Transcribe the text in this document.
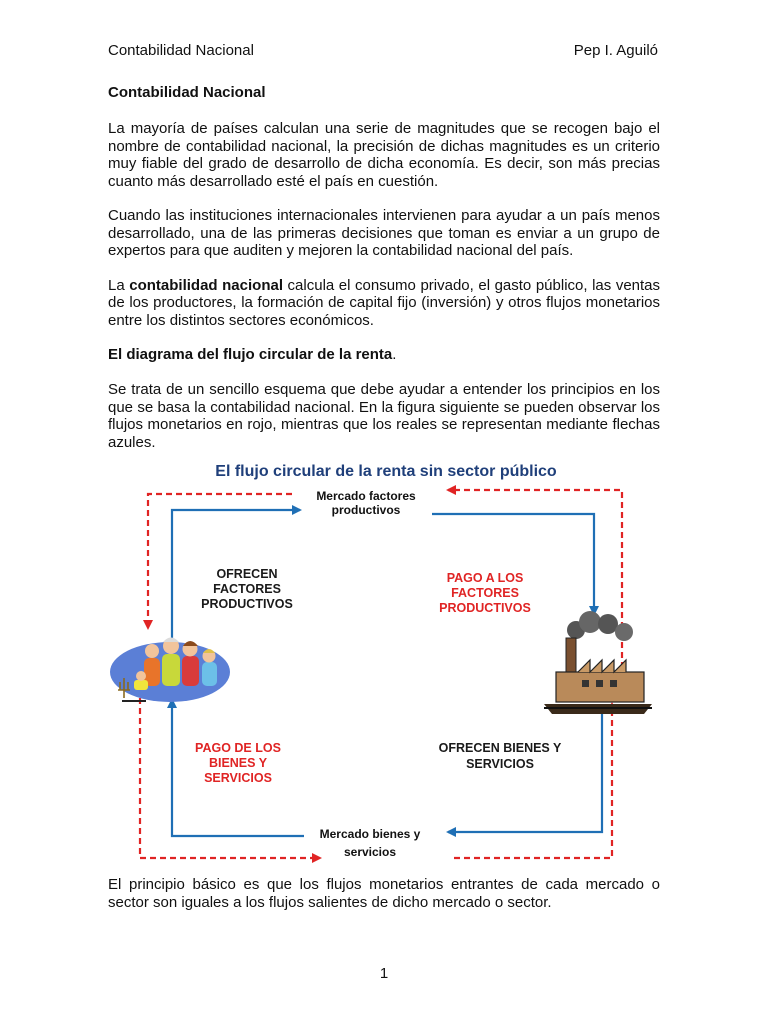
Contabilidad Nacional	Pep I. Aguiló
Contabilidad Nacional

La mayoría de países calculan una serie de magnitudes que se recogen bajo el nombre de contabilidad nacional, la precisión de dichas magnitudes es un criterio muy fiable del grado de desarrollo de dicha economía. Es decir, son más precias cuanto más desarrollado esté el país en cuestión.

Cuando las instituciones internacionales intervienen para ayudar a un país menos desarrollado, una de las primeras decisiones que toman es enviar a un grupo de expertos para que auditen y mejoren la contabilidad nacional del país.

La contabilidad nacional calcula el consumo privado, el gasto público, las ventas de los productores, la formación de capital fijo (inversión) y otros flujos monetarios entre los distintos sectores económicos.

El diagrama del flujo circular de la renta.

Se trata de un sencillo esquema que debe ayudar a entender los principios en los que se basa la contabilidad nacional. En la figura siguiente se pueden observar los flujos monetarios en rojo, mientras que los reales se representan mediante flechas azules.

El flujo circular de la renta sin sector público
Mercado factores
productivos
Mercado bienes y
servicios
OFRECEN
FACTORES
PRODUCTIVOS
PAGO A LOS
FACTORES
PRODUCTIVOS
PAGO DE LOS
BIENES Y
SERVICIOS
OFRECEN BIENES Y
SERVICIOS

El principio básico es que los flujos monetarios entrantes de cada mercado o sector son iguales a los flujos salientes de dicho mercado o sector.

1
